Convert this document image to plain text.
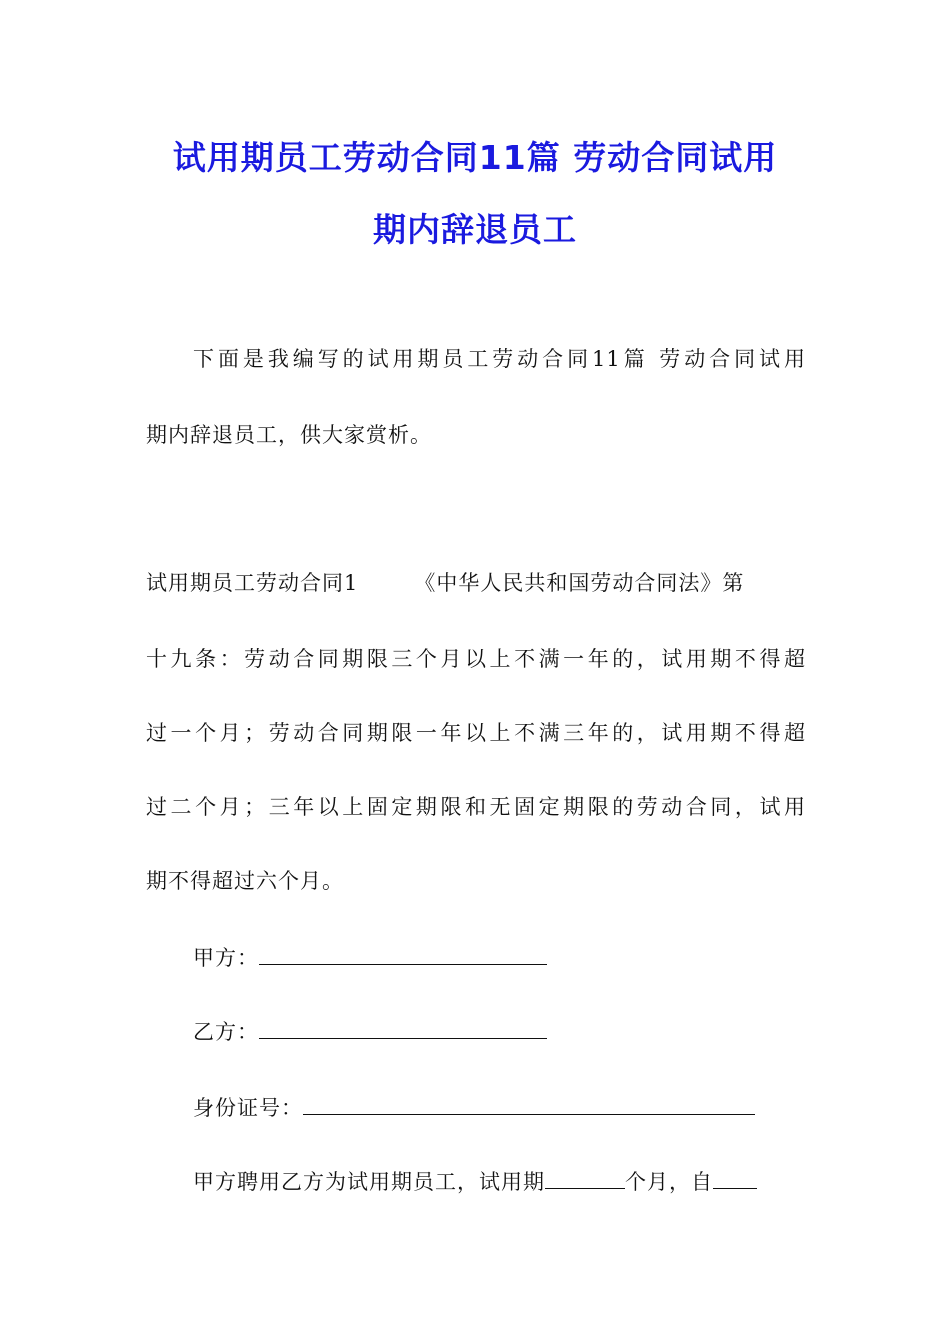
试用期员工劳动合同11篇 劳动合同试用
期内辞退员工
下面是我编写的试用期员工劳动合同11篇 劳动合同试用
期内辞退员工，供大家赏析。
试用期员工劳动合同1	《中华人民共和国劳动合同法》第
十九条：劳动合同期限三个月以上不满一年的，试用期不得超
过一个月；劳动合同期限一年以上不满三年的，试用期不得超
过二个月；三年以上固定期限和无固定期限的劳动合同，试用
期不得超过六个月。
甲方：
乙方：
身份证号：
甲方聘用乙方为试用期员工，试用期	个月，自
